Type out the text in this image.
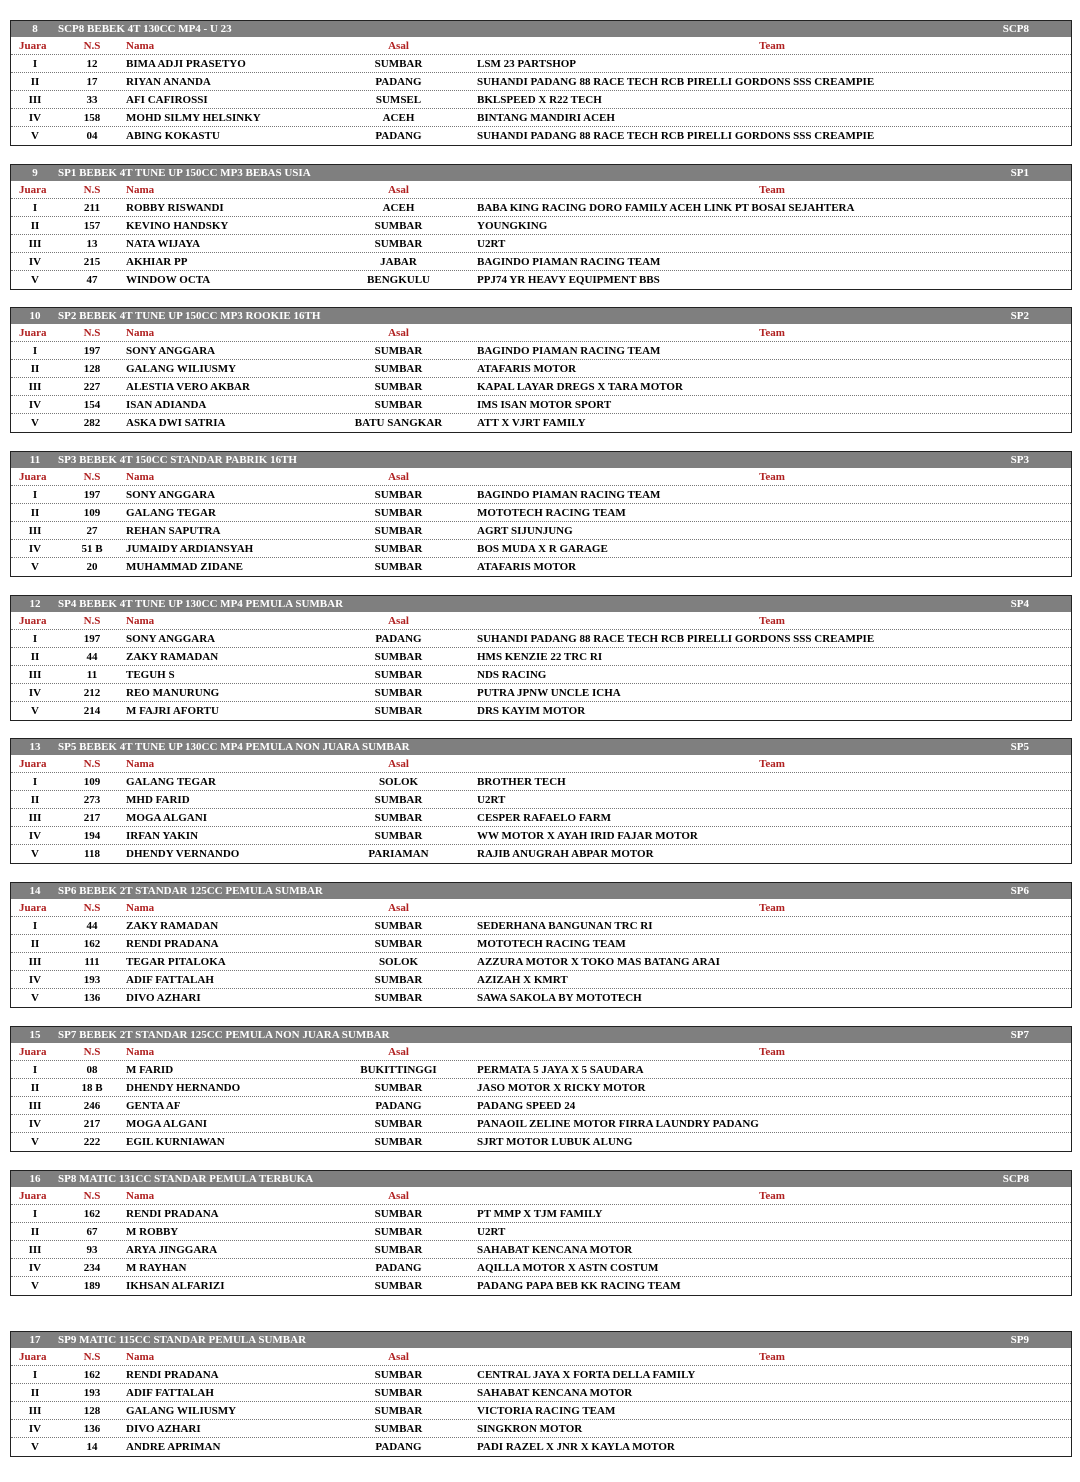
8	SCP8 BEBEK 4T 130CC MP4 - U 23	SCP8
Juara	N.S	Nama	Asal	Team
I	12	BIMA ADJI PRASETYO	SUMBAR	LSM 23 PARTSHOP
II	17	RIYAN ANANDA	PADANG	SUHANDI PADANG 88 RACE TECH RCB PIRELLI GORDONS SSS CREAMPIE
III	33	AFI CAFIROSSI	SUMSEL	BKLSPEED X R22 TECH
IV	158	MOHD SILMY HELSINKY	ACEH	BINTANG MANDIRI ACEH
V	04	ABING KOKASTU	PADANG	SUHANDI PADANG 88 RACE TECH RCB PIRELLI GORDONS SSS CREAMPIE
9	SP1 BEBEK 4T TUNE UP 150CC MP3 BEBAS USIA	SP1
Juara	N.S	Nama	Asal	Team
I	211	ROBBY RISWANDI	ACEH	BABA KING RACING DORO FAMILY ACEH LINK PT BOSAI SEJAHTERA
II	157	KEVINO HANDSKY	SUMBAR	YOUNGKING
III	13	NATA WIJAYA	SUMBAR	U2RT
IV	215	AKHIAR PP	JABAR	BAGINDO PIAMAN RACING TEAM
V	47	WINDOW OCTA	BENGKULU	PPJ74 YR HEAVY EQUIPMENT BBS
10	SP2 BEBEK 4T TUNE UP 150CC MP3 ROOKIE 16TH	SP2
Juara	N.S	Nama	Asal	Team
I	197	SONY ANGGARA	SUMBAR	BAGINDO PIAMAN RACING TEAM
II	128	GALANG WILIUSMY	SUMBAR	ATAFARIS MOTOR
III	227	ALESTIA VERO AKBAR	SUMBAR	KAPAL LAYAR DREGS X TARA MOTOR
IV	154	ISAN ADIANDA	SUMBAR	IMS ISAN MOTOR SPORT
V	282	ASKA DWI SATRIA	BATU SANGKAR	ATT X VJRT FAMILY
11	SP3 BEBEK 4T 150CC STANDAR PABRIK 16TH	SP3
Juara	N.S	Nama	Asal	Team
I	197	SONY ANGGARA	SUMBAR	BAGINDO PIAMAN RACING TEAM
II	109	GALANG TEGAR	SUMBAR	MOTOTECH RACING TEAM
III	27	REHAN SAPUTRA	SUMBAR	AGRT SIJUNJUNG
IV	51 B	JUMAIDY ARDIANSYAH	SUMBAR	BOS MUDA X R GARAGE
V	20	MUHAMMAD ZIDANE	SUMBAR	ATAFARIS MOTOR
12	SP4 BEBEK 4T TUNE UP 130CC MP4 PEMULA SUMBAR	SP4
Juara	N.S	Nama	Asal	Team
I	197	SONY ANGGARA	PADANG	SUHANDI PADANG 88 RACE TECH RCB PIRELLI GORDONS SSS CREAMPIE
II	44	ZAKY RAMADAN	SUMBAR	HMS KENZIE 22 TRC RI
III	11	TEGUH S	SUMBAR	NDS RACING
IV	212	REO MANURUNG	SUMBAR	PUTRA JPNW UNCLE ICHA
V	214	M FAJRI AFORTU	SUMBAR	DRS KAYIM MOTOR
13	SP5 BEBEK 4T TUNE UP 130CC MP4 PEMULA NON JUARA SUMBAR	SP5
Juara	N.S	Nama	Asal	Team
I	109	GALANG TEGAR	SOLOK	BROTHER TECH
II	273	MHD FARID	SUMBAR	U2RT
III	217	MOGA ALGANI	SUMBAR	CESPER RAFAELO FARM
IV	194	IRFAN YAKIN	SUMBAR	WW MOTOR X AYAH IRID FAJAR MOTOR
V	118	DHENDY VERNANDO	PARIAMAN	RAJIB ANUGRAH ABPAR MOTOR
14	SP6 BEBEK 2T STANDAR 125CC PEMULA SUMBAR	SP6
Juara	N.S	Nama	Asal	Team
I	44	ZAKY RAMADAN	SUMBAR	SEDERHANA BANGUNAN TRC RI
II	162	RENDI PRADANA	SUMBAR	MOTOTECH RACING TEAM
III	111	TEGAR PITALOKA	SOLOK	AZZURA MOTOR X TOKO MAS BATANG ARAI
IV	193	ADIF FATTALAH	SUMBAR	AZIZAH X KMRT
V	136	DIVO AZHARI	SUMBAR	SAWA SAKOLA BY MOTOTECH
15	SP7 BEBEK 2T STANDAR 125CC PEMULA NON JUARA SUMBAR	SP7
Juara	N.S	Nama	Asal	Team
I	08	M FARID	BUKITTINGGI	PERMATA 5 JAYA X 5 SAUDARA
II	18 B	DHENDY HERNANDO	SUMBAR	JASO MOTOR X RICKY MOTOR
III	246	GENTA AF	PADANG	PADANG SPEED 24
IV	217	MOGA ALGANI	SUMBAR	PANAOIL ZELINE MOTOR FIRRA LAUNDRY PADANG
V	222	EGIL KURNIAWAN	SUMBAR	SJRT MOTOR LUBUK ALUNG
16	SP8 MATIC 131CC STANDAR PEMULA TERBUKA	SCP8
Juara	N.S	Nama	Asal	Team
I	162	RENDI PRADANA	SUMBAR	PT MMP X TJM FAMILY
II	67	M ROBBY	SUMBAR	U2RT
III	93	ARYA JINGGARA	SUMBAR	SAHABAT KENCANA MOTOR
IV	234	M RAYHAN	PADANG	AQILLA MOTOR X ASTN COSTUM
V	189	IKHSAN ALFARIZI	SUMBAR	PADANG PAPA BEB KK RACING TEAM
17	SP9 MATIC 115CC STANDAR PEMULA SUMBAR	SP9
Juara	N.S	Nama	Asal	Team
I	162	RENDI PRADANA	SUMBAR	CENTRAL JAYA X FORTA DELLA FAMILY
II	193	ADIF FATTALAH	SUMBAR	SAHABAT KENCANA MOTOR
III	128	GALANG WILIUSMY	SUMBAR	VICTORIA RACING TEAM
IV	136	DIVO AZHARI	SUMBAR	SINGKRON MOTOR
V	14	ANDRE APRIMAN	PADANG	PADI RAZEL X JNR X KAYLA MOTOR
